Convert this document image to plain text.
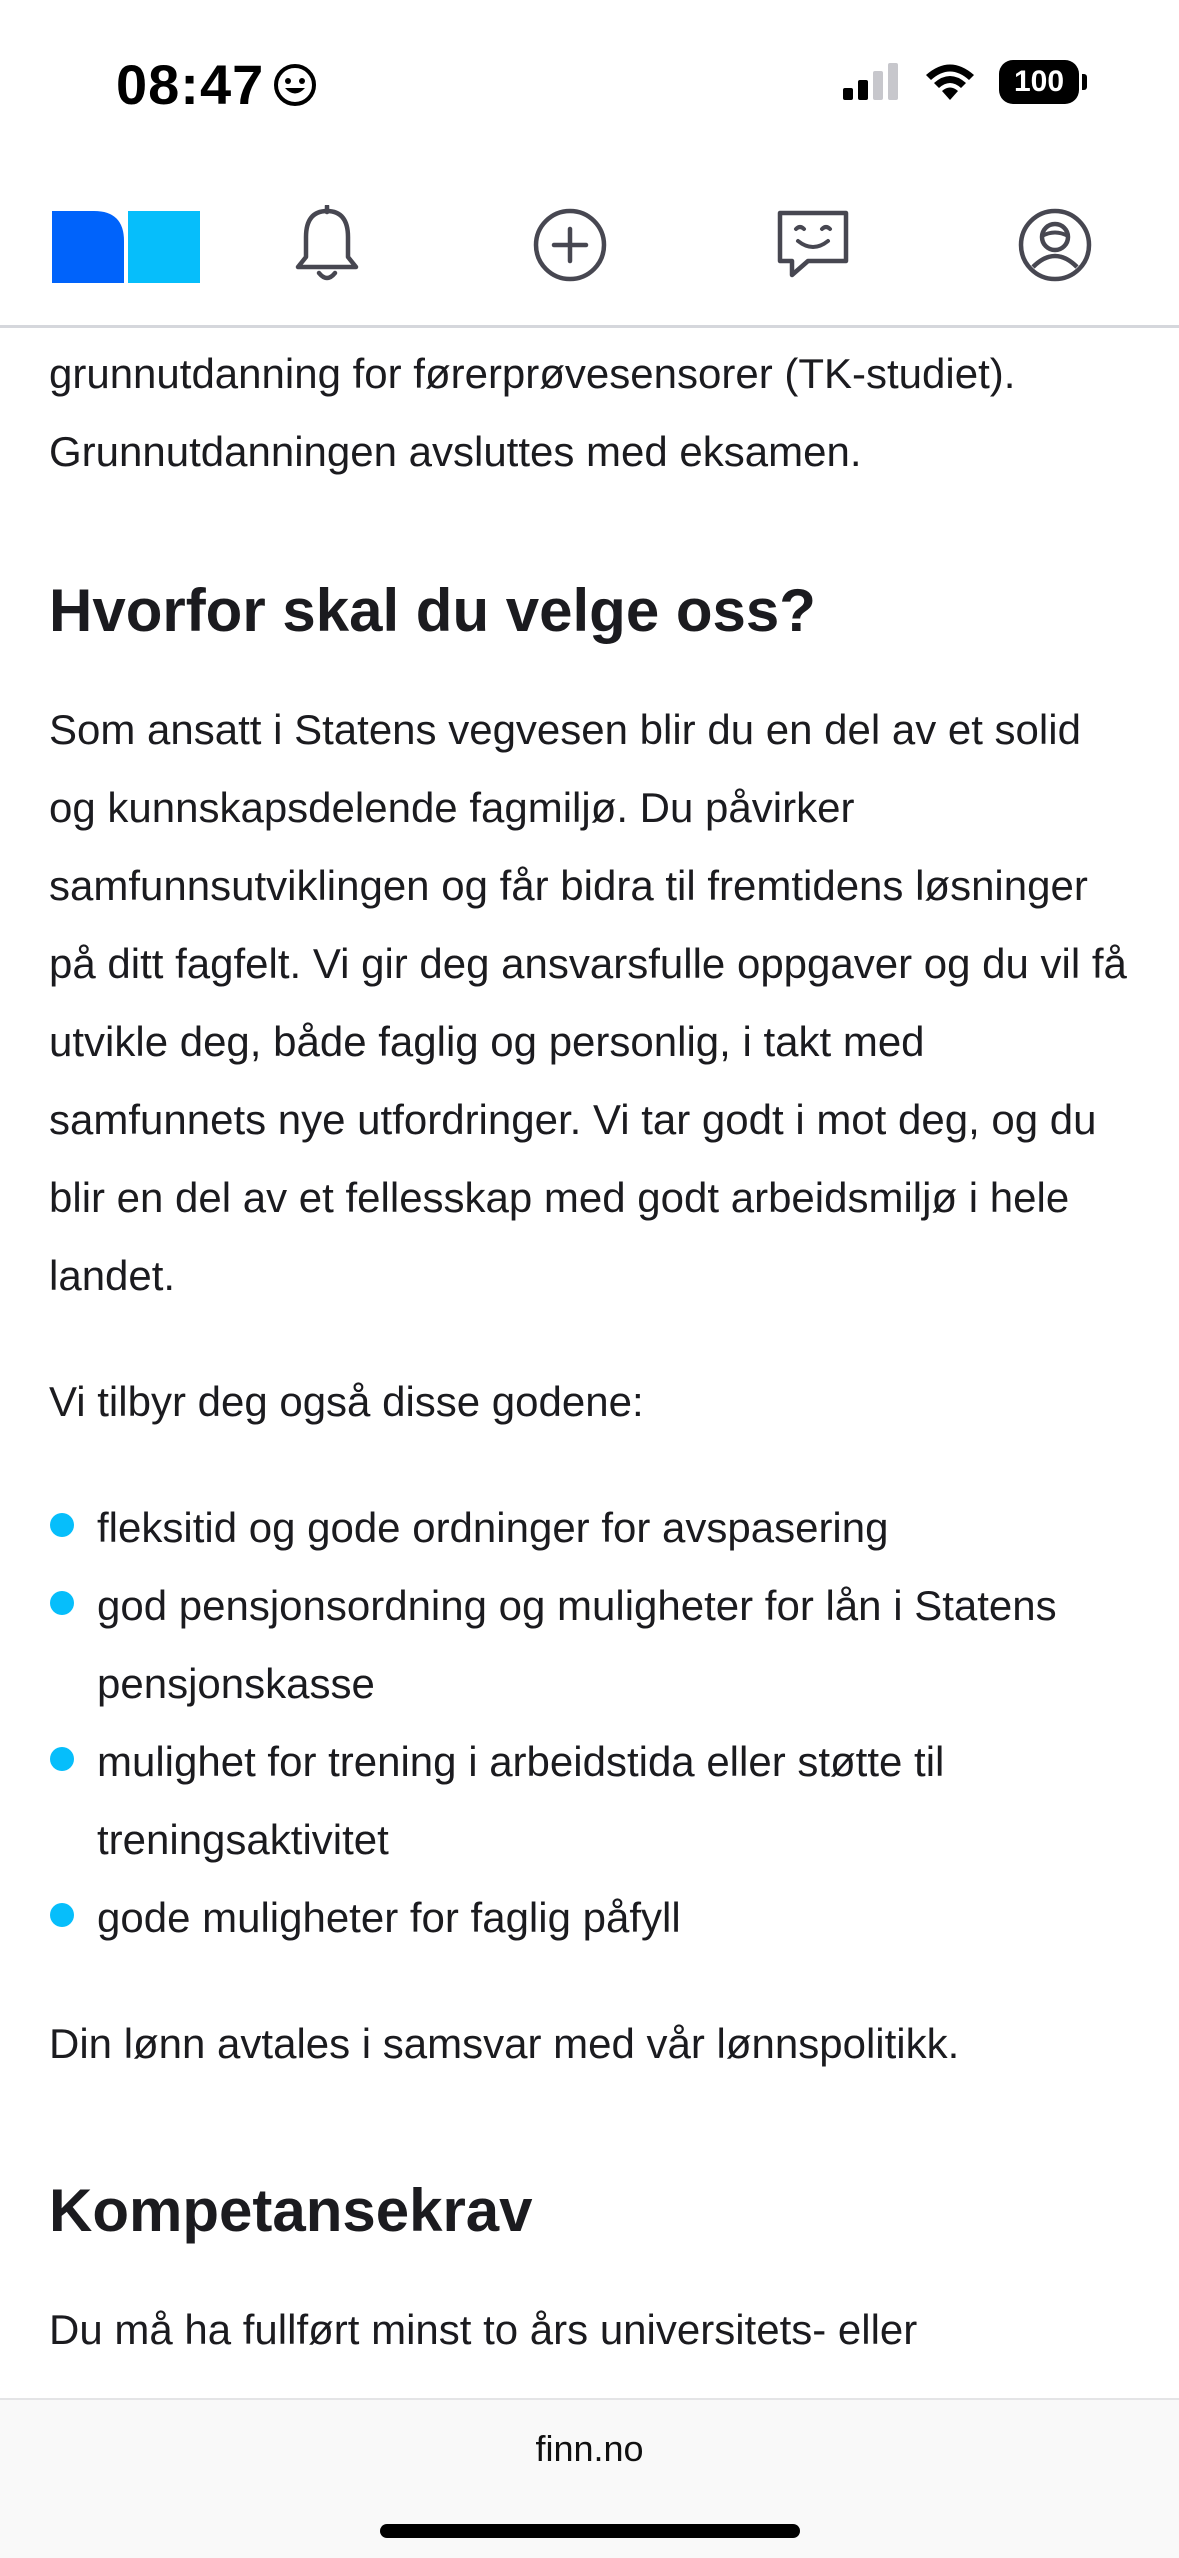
08:47	100

grunnutdanning for førerprøvesensorer (TK-studiet). Grunnutdanningen avsluttes med eksamen.

Hvorfor skal du velge oss?

Som ansatt i Statens vegvesen blir du en del av et solid og kunnskapsdelende fagmiljø. Du påvirker samfunnsutviklingen og får bidra til fremtidens løsninger på ditt fagfelt. Vi gir deg ansvarsfulle oppgaver og du vil få utvikle deg, både faglig og personlig, i takt med samfunnets nye utfordringer. Vi tar godt i mot deg, og du blir en del av et fellesskap med godt arbeidsmiljø i hele landet.

Vi tilbyr deg også disse godene:

fleksitid og gode ordninger for avspasering
god pensjonsordning og muligheter for lån i Statens pensjonskasse
mulighet for trening i arbeidstida eller støtte til treningsaktivitet
gode muligheter for faglig påfyll

Din lønn avtales i samsvar med vår lønnspolitikk.

Kompetansekrav

Du må ha fullført minst to års universitets- eller

finn.no
